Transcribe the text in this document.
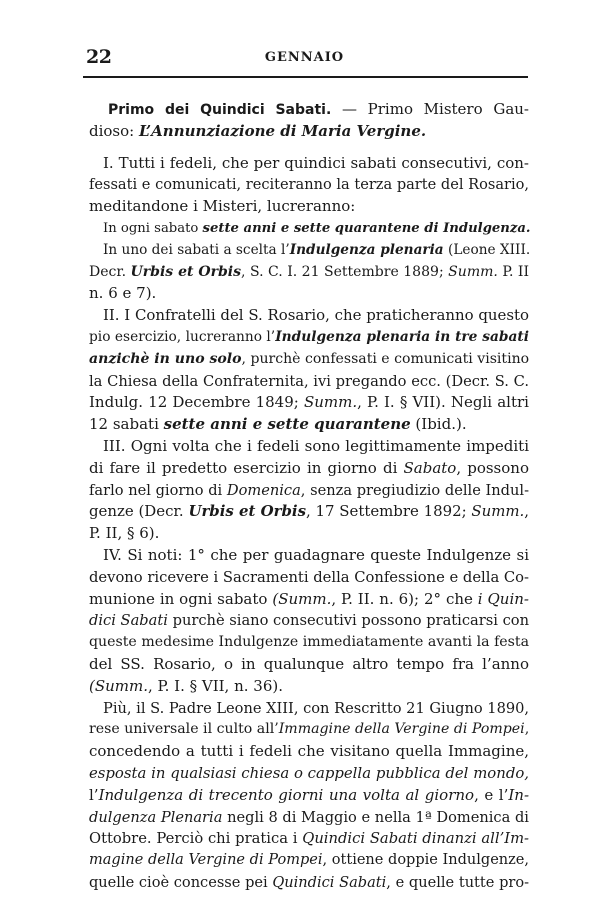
22	GENNAIO
Primo dei Quindici Sabati. — Primo Mistero Gau-
dioso: L’Annunziazione di Maria Vergine.
I. Tutti i fedeli, che per quindici sabati consecutivi, con-
fessati e comunicati, reciteranno la terza parte del Rosario,
meditandone i Misteri, lucreranno:
In ogni sabato sette anni e sette quarantene di Indulgenza.
In uno dei sabati a scelta l’Indulgenza plenaria (Leone XIII.
Decr. Urbis et Orbis, S. C. I. 21 Settembre 1889; Summ. P. II
n. 6 e 7).
II. I Confratelli del S. Rosario, che praticheranno questo
pio esercizio, lucreranno l’Indulgenza plenaria in tre sabati
anzichè in uno solo, purchè confessati e comunicati visitino
la Chiesa della Confraternita, ivi pregando ecc. (Decr. S. C.
Indulg. 12 Decembre 1849; Summ., P. I. § VII). Negli altri
12 sabati sette anni e sette quarantene (Ibid.).
III. Ogni volta che i fedeli sono legittimamente impediti
di fare il predetto esercizio in giorno di Sabato, possono
farlo nel giorno di Domenica, senza pregiudizio delle Indul-
genze (Decr. Urbis et Orbis, 17 Settembre 1892; Summ.,
P. II, § 6).
IV. Si noti: 1° che per guadagnare queste Indulgenze si
devono ricevere i Sacramenti della Confessione e della Co-
munione in ogni sabato (Summ., P. II. n. 6); 2° che i Quin-
dici Sabati purchè siano consecutivi possono praticarsi con
queste medesime Indulgenze immediatamente avanti la festa
del SS. Rosario, o in qualunque altro tempo fra l’anno
(Summ., P. I. § VII, n. 36).
Più, il S. Padre Leone XIII, con Rescritto 21 Giugno 1890,
rese universale il culto all’Immagine della Vergine di Pompei,
concedendo a tutti i fedeli che visitano quella Immagine,
esposta in qualsiasi chiesa o cappella pubblica del mondo,
l’Indulgenza di trecento giorni una volta al giorno, e l’In-
dulgenza Plenaria negli 8 di Maggio e nella 1ª Domenica di
Ottobre. Perciò chi pratica i Quindici Sabati dinanzi all’Im-
magine della Vergine di Pompei, ottiene doppie Indulgenze,
quelle cioè concesse pei Quindici Sabati, e quelle tutte pro-
